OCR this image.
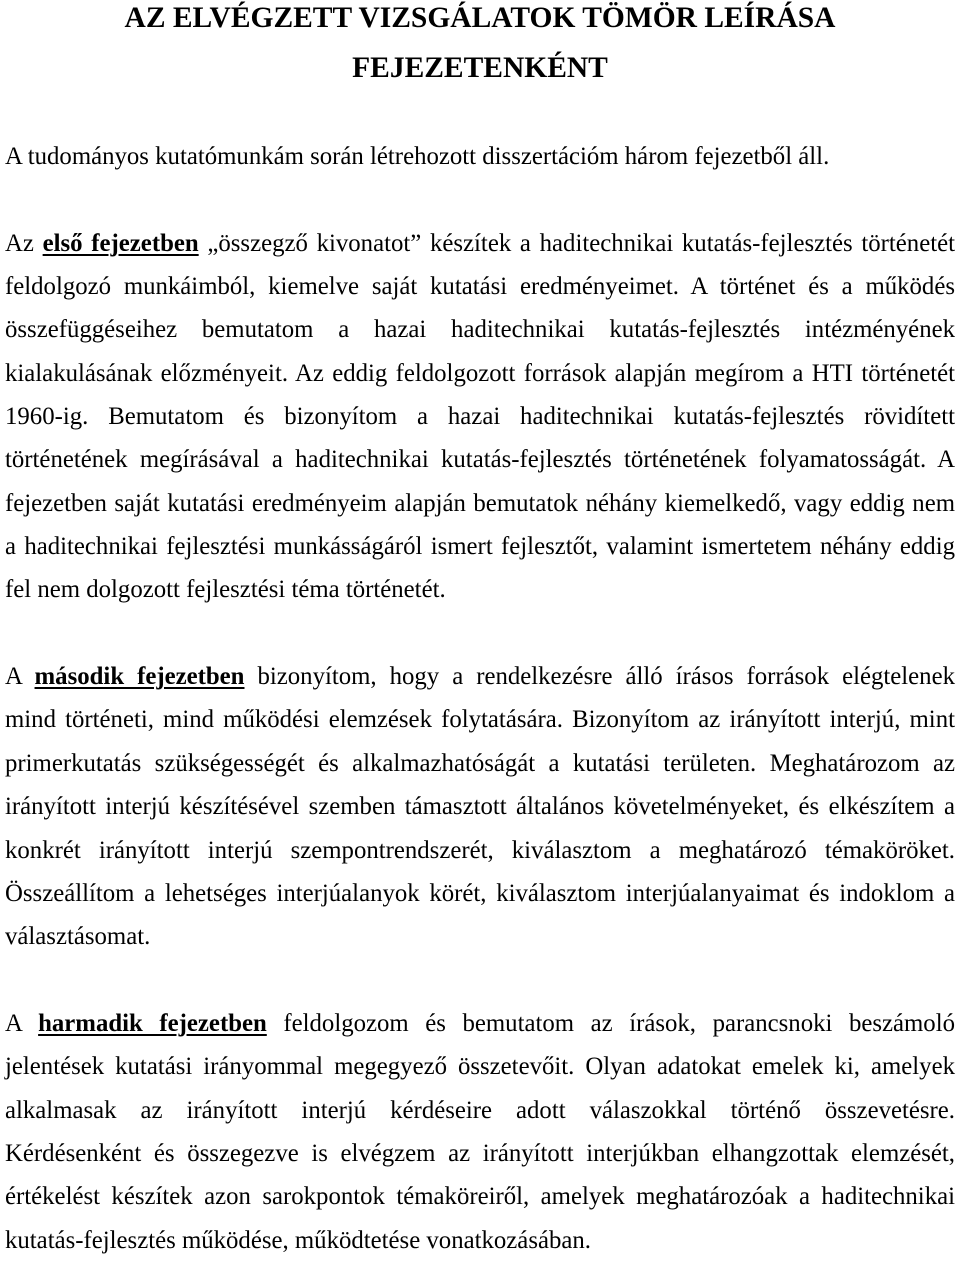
AZ ELVÉGZETT VIZSGÁLATOK TÖMÖR LEÍRÁSA
FEJEZETENKÉNT
A tudományos kutatómunkám során létrehozott disszertációm három fejezetből áll.
Az első fejezetben „összegző kivonatot” készítek a haditechnikai kutatás-fejlesztés történetét
feldolgozó munkáimból, kiemelve saját kutatási eredményeimet. A történet és a működés
összefüggéseihez bemutatom a hazai haditechnikai kutatás-fejlesztés intézményének
kialakulásának előzményeit. Az eddig feldolgozott források alapján megírom a HTI történetét
1960-ig. Bemutatom és bizonyítom a hazai haditechnikai kutatás-fejlesztés rövidített
történetének megírásával a haditechnikai kutatás-fejlesztés történetének folyamatosságát. A
fejezetben saját kutatási eredményeim alapján bemutatok néhány kiemelkedő, vagy eddig nem
a haditechnikai fejlesztési munkásságáról ismert fejlesztőt, valamint ismertetem néhány eddig
fel nem dolgozott fejlesztési téma történetét.
A második fejezetben bizonyítom, hogy a rendelkezésre álló írásos források elégtelenek
mind történeti, mind működési elemzések folytatására. Bizonyítom az irányított interjú, mint
primerkutatás szükségességét és alkalmazhatóságát a kutatási területen. Meghatározom az
irányított interjú készítésével szemben támasztott általános követelményeket, és elkészítem a
konkrét irányított interjú szempontrendszerét, kiválasztom a meghatározó témaköröket.
Összeállítom a lehetséges interjúalanyok körét, kiválasztom interjúalanyaimat és indoklom a
választásomat.
A harmadik fejezetben feldolgozom és bemutatom az írások, parancsnoki beszámoló
jelentések kutatási irányommal megegyező összetevőit. Olyan adatokat emelek ki, amelyek
alkalmasak az irányított interjú kérdéseire adott válaszokkal történő összevetésre.
Kérdésenként és összegezve is elvégzem az irányított interjúkban elhangzottak elemzését,
értékelést készítek azon sarokpontok témaköreiről, amelyek meghatározóak a haditechnikai
kutatás-fejlesztés működése, működtetése vonatkozásában.
